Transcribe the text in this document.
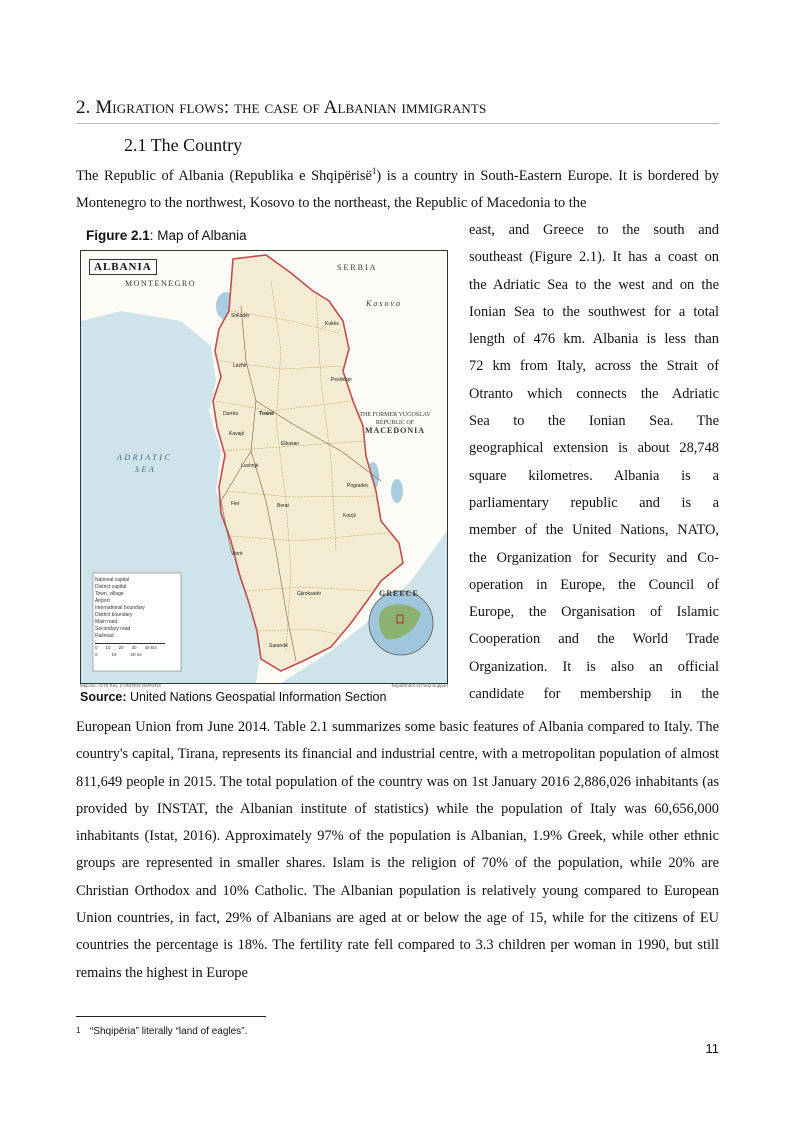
2. Migration flows: the case of Albanian immigrants
2.1 The Country
The Republic of Albania (Republika e Shqipërisë$^1$) is a country in South-Eastern Europe. It is bordered by Montenegro to the northwest, Kosovo to the northeast, the Republic of Macedonia to the
Figure 2.1: Map of Albania
ALBANIA
MONTENEGRO
SERBIA
Kosovo
THE FORMER YUGOSLAV
REPUBLIC OF
MACEDONIA
GREECE
ADRIATIC
SEA
Shkodër
Lezhë
Durrës	Tiranë
Kavajë
Elbasan
Fier	Berat
Vlorë
Korçë
Gjirokastër
Sarandë
Kukës
Peshkopi
Pogradec
Lushnjë
National capital
District capital
Town, village
Airport
International boundary
District boundary
Main road
Secondary road
Railroad
0 10 20 30 40 km
0	10	20 mi
Map No. 4170 Rev. 2 UNITED NATIONS	Department of Field Support
Source: United Nations Geospatial Information Section
east, and Greece to the south and
southeast (Figure 2.1). It has a coast on
the Adriatic Sea to the west and on the
Ionian Sea to the southwest for a total
length of 476 km. Albania is less than
72 km from Italy, across the Strait of
Otranto which connects the Adriatic
Sea to the Ionian Sea. The
geographical extension is about 28,748
square kilometres. Albania is a
parliamentary republic and is a
member of the United Nations, NATO,
the Organization for Security and Co-
operation in Europe, the Council of
Europe, the Organisation of Islamic
Cooperation and the World Trade
Organization. It is also an official
candidate for membership in the
European Union from June 2014. Table 2.1 summarizes some basic features of Albania compared to Italy. The country's capital, Tirana, represents its financial and industrial centre, with a metropolitan population of almost 811,649 people in 2015. The total population of the country was on 1st January 2016 2,886,026 inhabitants (as provided by INSTAT, the Albanian institute of statistics) while the population of Italy was 60,656,000 inhabitants (Istat, 2016). Approximately 97% of the population is Albanian, 1.9% Greek, while other ethnic groups are represented in smaller shares. Islam is the religion of 70% of the population, while 20% are Christian Orthodox and 10% Catholic. The Albanian population is relatively young compared to European Union countries, in fact, 29% of Albanians are aged at or below the age of 15, while for the citizens of EU countries the percentage is 18%. The fertility rate fell compared to 3.3 children per woman in 1990, but still remains the highest in Europe
1 “Shqipëria” literally “land of eagles”.
11
